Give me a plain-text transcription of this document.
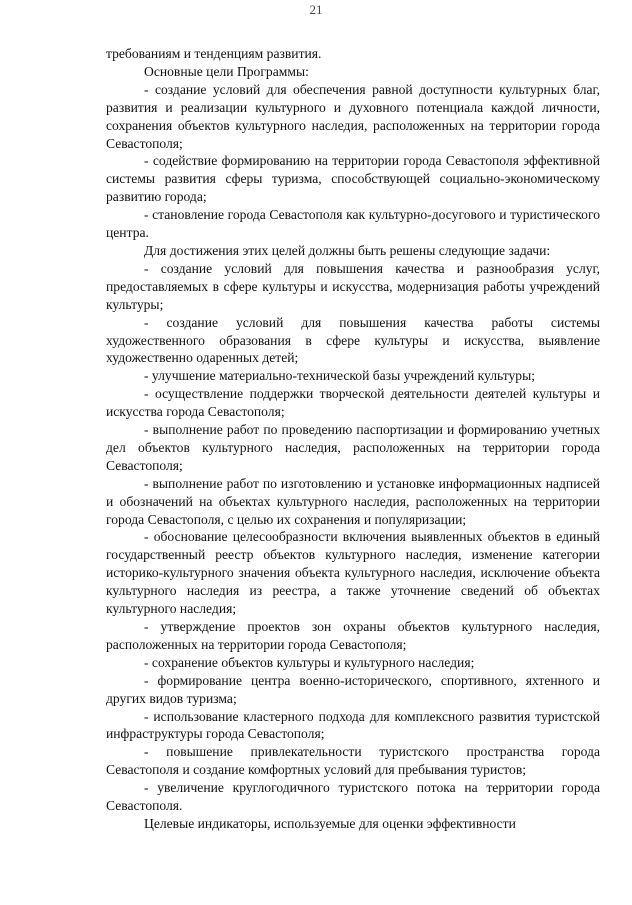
21

требованиям и тенденциям развития.

Основные цели Программы:

- создание условий для обеспечения равной доступности культурных благ, развития и реализации культурного и духовного потенциала каждой личности, сохранения объектов культурного наследия, расположенных на территории города Севастополя;

- содействие формированию на территории города Севастополя эффективной системы развития сферы туризма, способствующей социально-экономическому развитию города;

- становление города Севастополя как культурно-досугового и туристического центра.

Для достижения этих целей должны быть решены следующие задачи:

- создание условий для повышения качества и разнообразия услуг, предоставляемых в сфере культуры и искусства, модернизация работы учреждений культуры;

- создание условий для повышения качества работы системы художественного образования в сфере культуры и искусства, выявление художественно одаренных детей;

- улучшение материально-технической базы учреждений культуры;

- осуществление поддержки творческой деятельности деятелей культуры и искусства города Севастополя;

- выполнение работ по проведению паспортизации и формированию учетных дел объектов культурного наследия, расположенных на территории города Севастополя;

- выполнение работ по изготовлению и установке информационных надписей и обозначений на объектах культурного наследия, расположенных на территории города Севастополя, с целью их сохранения и популяризации;

- обоснование целесообразности включения выявленных объектов в единый государственный реестр объектов культурного наследия, изменение категории историко-культурного значения объекта культурного наследия, исключение объекта культурного наследия из реестра, а также уточнение сведений об объектах культурного наследия;

- утверждение проектов зон охраны объектов культурного наследия, расположенных на территории города Севастополя;

- сохранение объектов культуры и культурного наследия;

- формирование центра военно-исторического, спортивного, яхтенного и других видов туризма;

- использование кластерного подхода для комплексного развития туристской инфраструктуры города Севастополя;

- повышение привлекательности туристского пространства города Севастополя и создание комфортных условий для пребывания туристов;

- увеличение круглогодичного туристского потока на территории города Севастополя.

Целевые индикаторы, используемые для оценки эффективности
